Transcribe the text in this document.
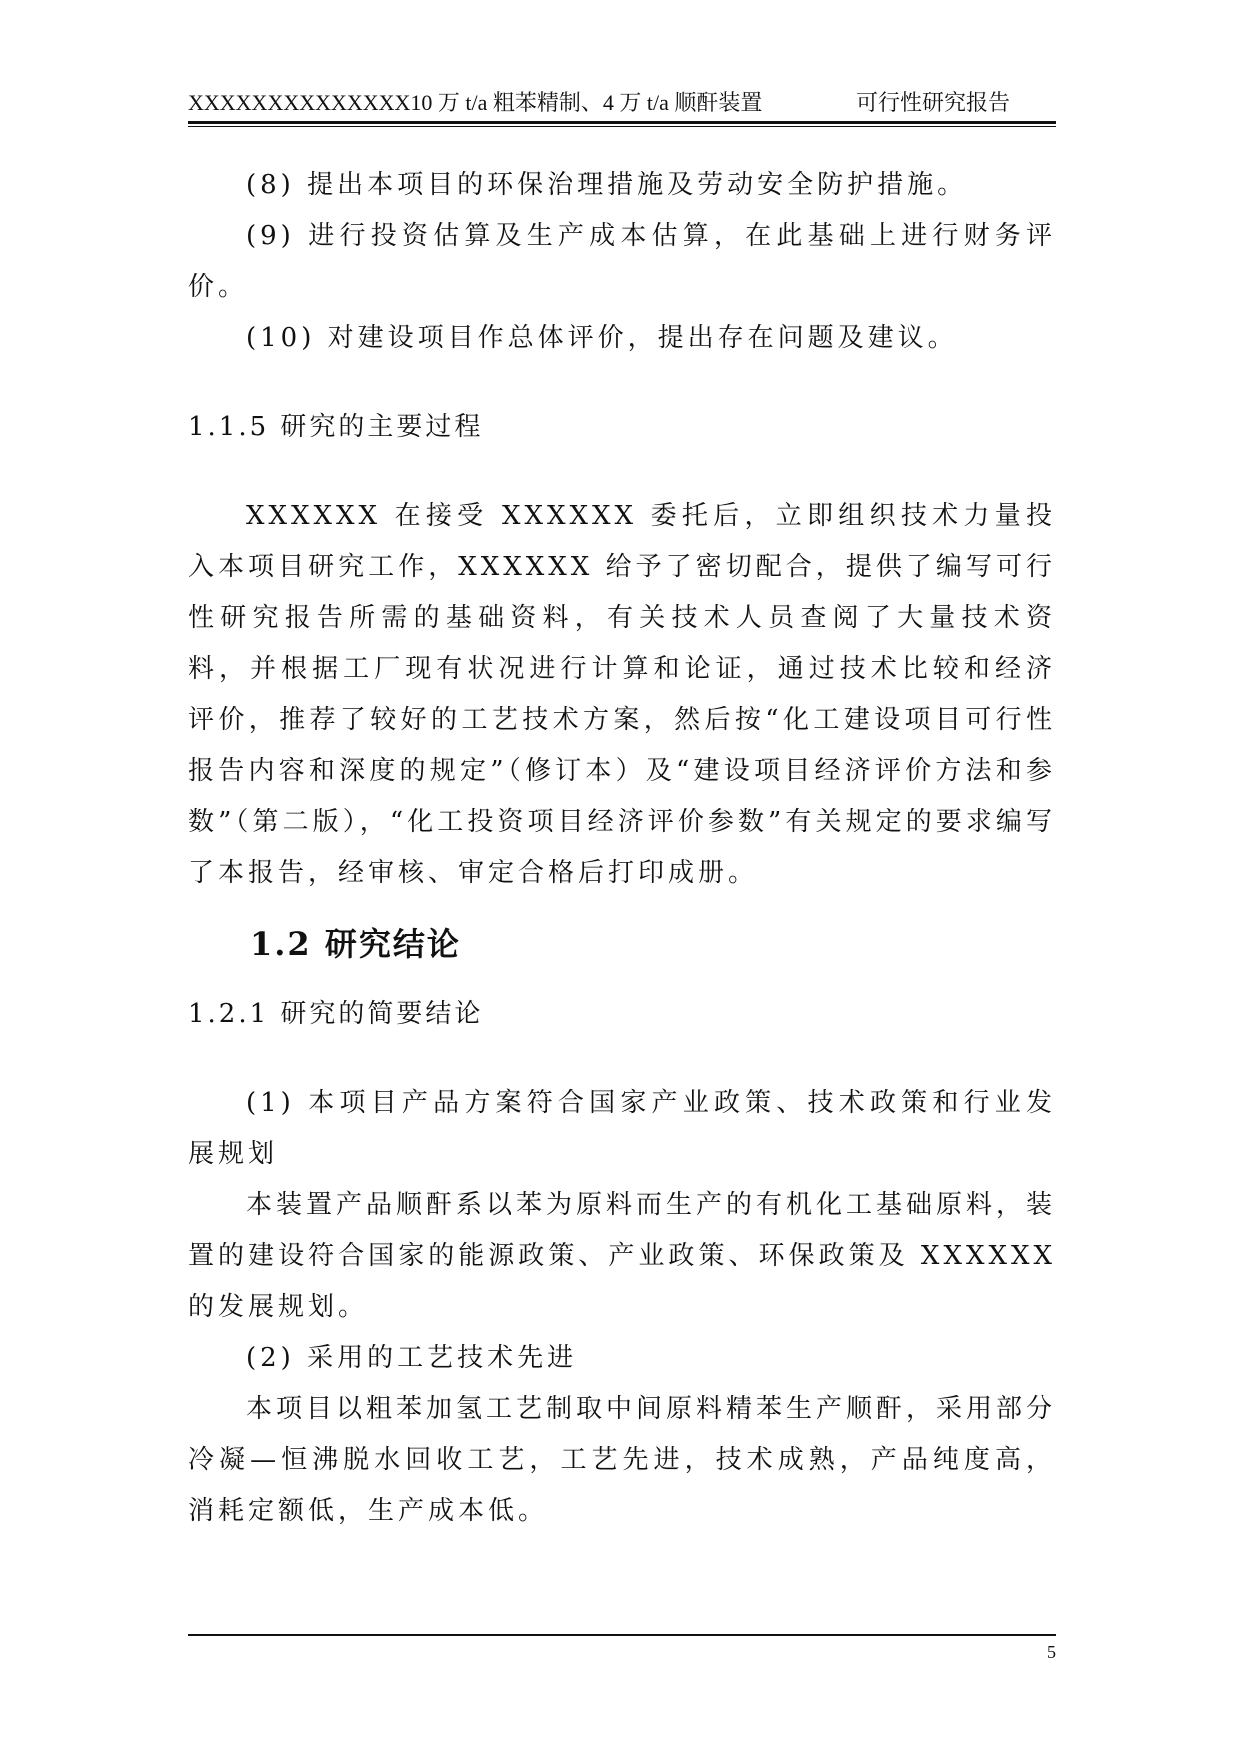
XXXXXXXXXXXXXX10 万 t/a 粗苯精制、4 万 t/a 顺酐装置	可行性研究报告

(8) 提出本项目的环保治理措施及劳动安全防护措施。

(9) 进行投资估算及生产成本估算，在此基础上进行财务评价。

(10) 对建设项目作总体评价，提出存在问题及建议。

1.1.5 研究的主要过程

XXXXXX 在接受 XXXXXX 委托后，立即组织技术力量投入本项目研究工作，XXXXXX 给予了密切配合，提供了编写可行性研究报告所需的基础资料，有关技术人员查阅了大量技术资料，并根据工厂现有状况进行计算和论证，通过技术比较和经济评价，推荐了较好的工艺技术方案，然后按“化工建设项目可行性报告内容和深度的规定”（修订本）及“建设项目经济评价方法和参数”（第二版），“化工投资项目经济评价参数”有关规定的要求编写了本报告，经审核、审定合格后打印成册。

1.2 研究结论

1.2.1 研究的简要结论

(1) 本项目产品方案符合国家产业政策、技术政策和行业发展规划

本装置产品顺酐系以苯为原料而生产的有机化工基础原料，装置的建设符合国家的能源政策、产业政策、环保政策及 XXXXXX 的发展规划。

(2) 采用的工艺技术先进

本项目以粗苯加氢工艺制取中间原料精苯生产顺酐，采用部分冷凝—恒沸脱水回收工艺，工艺先进，技术成熟，产品纯度高，消耗定额低，生产成本低。

5
